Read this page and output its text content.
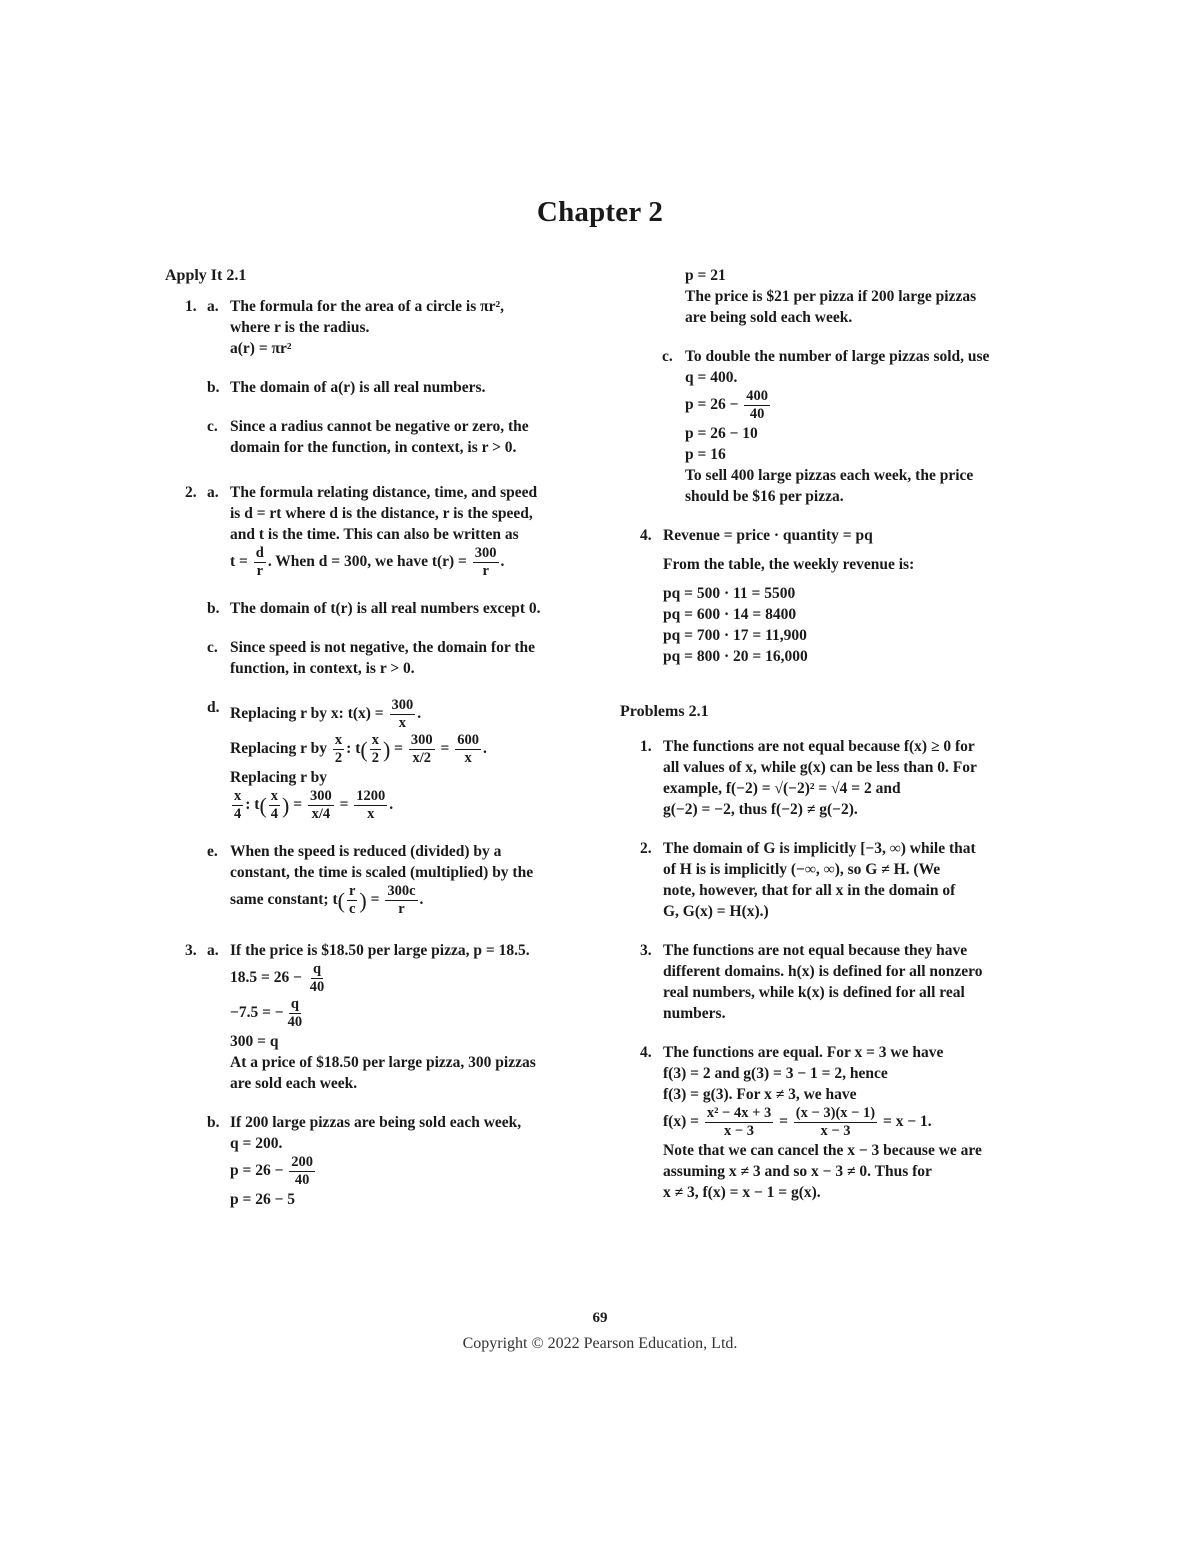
Chapter 2
Apply It 2.1
1. a. The formula for the area of a circle is πr²,
where r is the radius.
a(r) = πr²
b. The domain of a(r) is all real numbers.
c. Since a radius cannot be negative or zero, the
domain for the function, in context, is r > 0.
2. a. The formula relating distance, time, and speed
is d = rt where d is the distance, r is the speed,
and t is the time. This can also be written as
$t = \frac{d}{r}$ . When d = 300, we have $t(r) = \frac{300}{r}$ .
b. The domain of t(r) is all real numbers except 0.
c. Since speed is not negative, the domain for the
function, in context, is r > 0.
d. Replacing r by x: $t(x) = \frac{300}{x}$ .
Replacing r by $\frac{x}{2}$ : $t( \frac{x}{2}$ ) = $\frac{300}{x/2} = \frac{600}{x}$ .
Replacing r by
$\frac{x}{4}$ : $t( \frac{x}{4}$ ) = $\frac{300}{x/4} = \frac{1200}{x}$ .
e. When the speed is reduced (divided) by a
constant, the time is scaled (multiplied) by the
same constant; $t( \frac{r}{c}$ ) = $\frac{300c}{r}$ .
3. a. If the price is $18.50 per large pizza, p = 18.5.
$18.5 = 26 - \frac{q}{40}$
−7.5 = − $\frac{q}{40}$
300 = q
At a price of $18.50 per large pizza, 300 pizzas
are sold each week.
b. If 200 large pizzas are being sold each week,
q = 200.
$p = 26 - \frac{200}{40}$
p = 26 − 5
p = 21
The price is $21 per pizza if 200 large pizzas
are being sold each week.
c. To double the number of large pizzas sold, use
q = 400.
$p = 26 - \frac{400}{40}$
p = 26 − 10
p = 16
To sell 400 large pizzas each week, the price
should be $16 per pizza.
4. Revenue = price · quantity = pq
From the table, the weekly revenue is:
pq = 500 · 11 = 5500
pq = 600 · 14 = 8400
pq = 700 · 17 = 11,900
pq = 800 · 20 = 16,000
Problems 2.1
1. The functions are not equal because f(x) ≥ 0 for
all values of x, while g(x) can be less than 0. For
example, f(−2) = √(−2)² = √4 = 2 and
g(−2) = −2, thus f(−2) ≠ g(−2).
2. The domain of G is implicitly [−3, ∞) while that
of H is is implicitly (−∞, ∞), so G ≠ H. (We
note, however, that for all x in the domain of
G, G(x) = H(x).)
3. The functions are not equal because they have
different domains. h(x) is defined for all nonzero
real numbers, while k(x) is defined for all real
numbers.
4. The functions are equal. For x = 3 we have
f(3) = 2 and g(3) = 3 − 1 = 2, hence
f(3) = g(3). For x ≠ 3, we have
$f(x) = \frac{\text{x² − 4x + 3}}{x - 3} = \frac{(x - 3)(x - 1)}{x - 3} = x - 1$.
Note that we can cancel the x − 3 because we are
assuming x ≠ 3 and so x − 3 ≠ 0. Thus for
x ≠ 3, f(x) = x − 1 = g(x).
69
Copyright © 2022 Pearson Education, Ltd.
